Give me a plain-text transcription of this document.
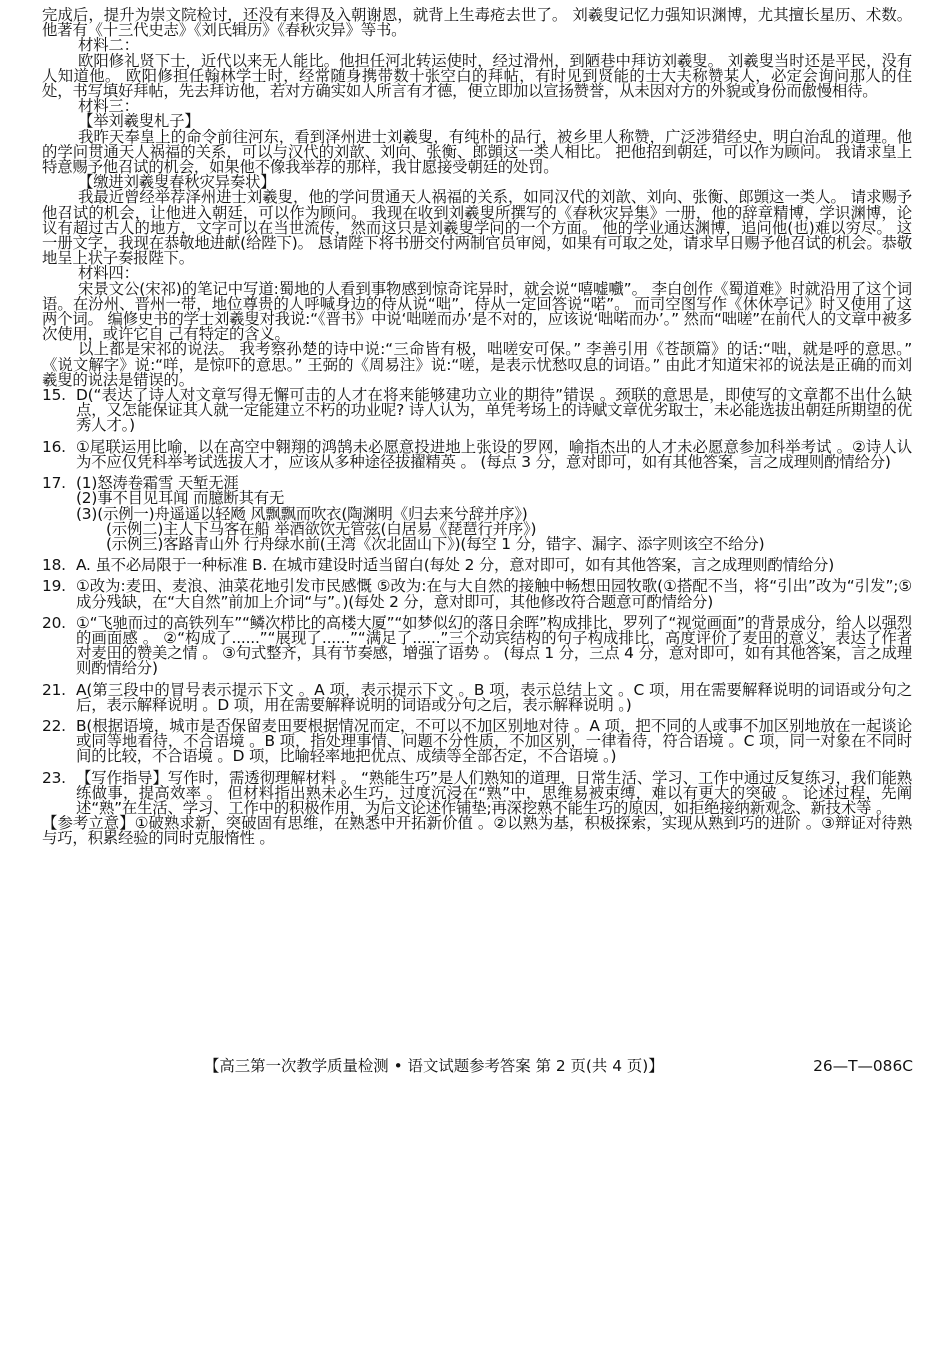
完成后，提升为崇文院检讨，还没有来得及入朝谢恩，就背上生毒疮去世了。 刘羲叟记忆力强知识渊博，尤其擅长星历、术数。他著有《十三代史志》《刘氏辑历》《春秋灾异》等书。

材料二：

欧阳修礼贤下士，近代以来无人能比。他担任河北转运使时，经过滑州，到陋巷中拜访刘羲叟。 刘羲叟当时还是平民，没有人知道他。 欧阳修担任翰林学士时，经常随身携带数十张空白的拜帖，有时见到贤能的士大夫称赞某人，必定会询问那人的住处，书写填好拜帖，先去拜访他，若对方确实如人所言有才德，便立即加以宣扬赞誉，从未因对方的外貌或身份而傲慢相待。

材料三：

【举刘羲叟札子】

我昨天奉皇上的命令前往河东，看到泽州进士刘羲叟，有纯朴的品行，被乡里人称赞，广泛涉猎经史，明白治乱的道理。他的学问贯通天人祸福的关系，可以与汉代的刘歆、刘向、张衡、郎顗这一类人相比。 把他招到朝廷，可以作为顾问。 我请求皇上特意赐予他召试的机会，如果他不像我举荐的那样，我甘愿接受朝廷的处罚。

【缴进刘羲叟春秋灾异奏状】

我最近曾经举荐泽州进士刘羲叟，他的学问贯通天人祸福的关系，如同汉代的刘歆、刘向、张衡、郎顗这一类人。 请求赐予他召试的机会，让他进入朝廷，可以作为顾问。 我现在收到刘羲叟所撰写的《春秋灾异集》一册，他的辞章精博，学识渊博，论议有超过古人的地方，文字可以在当世流传，然而这只是刘羲叟学问的一个方面。 他的学业通达渊博，追问他(也)难以穷尽。 这一册文字，我现在恭敬地进献(给陛下)。 恳请陛下将书册交付两制官员审阅，如果有可取之处，请求早日赐予他召试的机会。恭敬地呈上状子奏报陛下。

材料四：

宋景文公(宋祁)的笔记中写道:蜀地的人看到事物感到惊奇诧异时，就会说“嘻嘘嚱”。 李白创作《蜀道难》时就沿用了这个词语。在汾州、晋州一带，地位尊贵的人呼喊身边的侍从说“咄”，侍从一定回答说“喏”。 而司空图写作《休休亭记》时又使用了这两个词。 编修史书的学士刘羲叟对我说:“《晋书》中说‘咄嗟而办’是不对的，应该说‘咄喏而办’。” 然而“咄嗟”在前代人的文章中被多次使用，或许它自 己有特定的含义。

以上都是宋祁的说法。 我考察孙楚的诗中说:“三命皆有极，咄嗟安可保。” 李善引用《苍颉篇》的话:“咄，就是呼的意思。” 《说文解字》说:“咩，是惊吓的意思。” 王弼的《周易注》说:“嗟，是表示忧愁叹息的词语。” 由此才知道宋祁的说法是正确的而刘羲叟的说法是错误的。

15. D(“表达了诗人对文章写得无懈可击的人才在将来能够建功立业的期待”错误 。颈联的意思是，即使写的文章都不出什么缺点，又怎能保证其人就一定能建立不朽的功业呢? 诗人认为，单凭考场上的诗赋文章优劣取士，未必能选拔出朝廷所期望的优秀人才。)
16. ①尾联运用比喻，以在高空中翱翔的鸿鹄未必愿意投进地上张设的罗网，喻指杰出的人才未必愿意参加科举考试 。②诗人认为不应仅凭科举考试选拔人才，应该从多种途径拔擢精英 。 (每点 3 分，意对即可，如有其他答案，言之成理则酌情给分)
17. (1)怒涛卷霜雪 天堑无涯

(2)事不目见耳闻 而臆断其有无

(3)(示例一)舟遥遥以轻飏 风飘飘而吹衣(陶渊明《归去来兮辞并序》)

(示例二)主人下马客在船 举酒欲饮无管弦(白居易《琵琶行并序》)

(示例三)客路青山外 行舟绿水前(王湾《次北固山下》)(每空 1 分，错字、漏字、添字则该空不给分)

18. A. 虽不必局限于一种标准 B. 在城市建设时适当留白(每处 2 分，意对即可，如有其他答案，言之成理则酌情给分)
19. ①改为:麦田、麦浪、油菜花地引发市民感慨 ⑤改为:在与大自然的接触中畅想田园牧歌(①搭配不当，将“引出”改为“引发”;⑤成分残缺，在“大自然”前加上介词“与”。)(每处 2 分，意对即可，其他修改符合题意可酌情给分)
20. ①“飞驰而过的高铁列车”“鳞次栉比的高楼大厦”“如梦似幻的落日余晖”构成排比，罗列了“视觉画面”的背景成分，给人以强烈的画面感 。 ②“构成了......”“展现了......”“满足了......”三个动宾结构的句子构成排比，高度评价了麦田的意义，表达了作者对麦田的赞美之情 。 ③句式整齐，具有节奏感，增强了语势 。 (每点 1 分，三点 4 分，意对即可，如有其他答案，言之成理则酌情给分)
21. A(第三段中的冒号表示提示下文 。A 项，表示提示下文 。B 项，表示总结上文 。C 项，用在需要解释说明的词语或分句之后，表示解释说明 。D 项，用在需要解释说明的词语或分句之后，表示解释说明 。)
22. B(根据语境，城市是否保留麦田要根据情况而定，不可以不加区别地对待 。A 项，把不同的人或事不加区别地放在一起谈论或同等地看待，不合语境 。B 项，指处理事情、问题不分性质，不加区别，一律看待，符合语境 。C 项，同一对象在不同时间的比较，不合语境 。D 项，比喻轻率地把优点、成绩等全部否定，不合语境 。)
23. 【写作指导】写作时，需透彻理解材料 。 “熟能生巧”是人们熟知的道理，日常生活、学习、工作中通过反复练习，我们能熟练做事，提高效率 。 但材料指出熟未必生巧，过度沉浸在“熟”中，思维易被束缚，难以有更大的突破 。 论述过程，先阐述“熟”在生活、学习、工作中的积极作用，为后文论述作铺垫;再深挖熟不能生巧的原因，如拒绝接纳新观念、新技术等 。

【参考立意】①破熟求新，突破固有思维，在熟悉中开拓新价值 。②以熟为基，积极探索，实现从熟到巧的进阶 。③辩证对待熟与巧，积累经验的同时克服惰性 。

【高三第一次教学质量检测 • 语文试题参考答案 第 2 页(共 4 页)】	26—T—086C
